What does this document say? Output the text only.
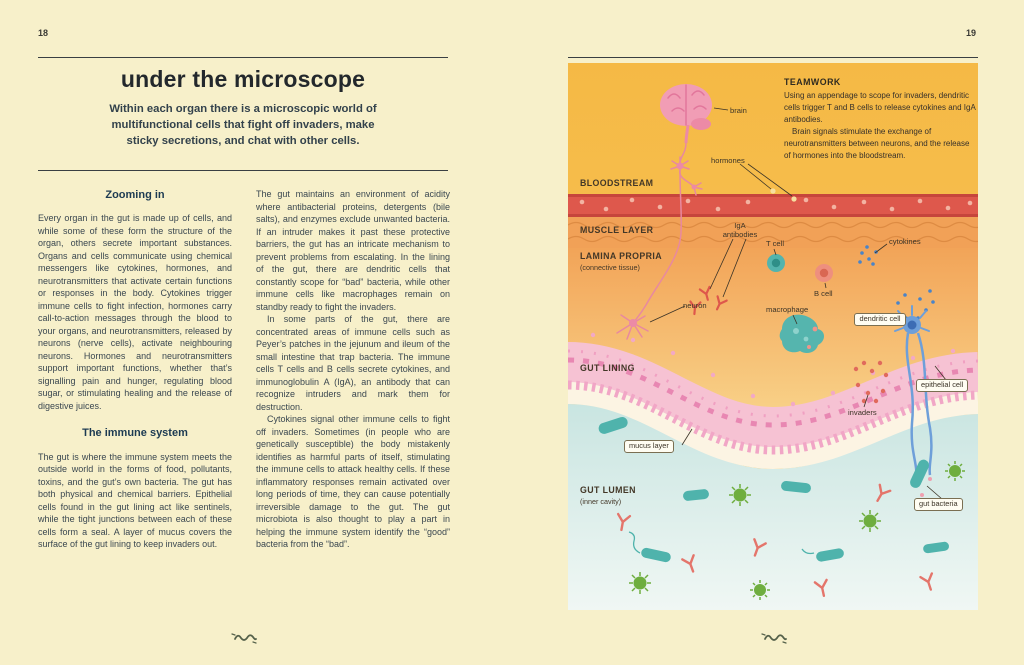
18
under the microscope
Within each organ there is a microscopic world of multifunctional cells that fight off invaders, make sticky secretions, and chat with other cells.
Zooming in

Every organ in the gut is made up of cells, and while some of these form the structure of the organ, others secrete important substances. Organs and cells communicate using chemical messengers like cytokines, hormones, and neurotransmitters that activate certain functions or responses in the body. Cytokines trigger immune cells to fight infection, hormones carry call-to-action messages through the blood to your organs, and neurotransmitters, released by neurons (nerve cells), activate neighbouring neurons. Hormones and neurotransmitters support important functions, whether that’s signalling pain and hunger, regulating blood sugar, or stimulating healing and the release of digestive juices.

The immune system

The gut is where the immune system meets the outside world in the forms of food, pollutants, toxins, and the gut’s own bacteria. The gut has both physical and chemical barriers. Epithelial cells found in the gut lining act like sentinels, while the tight junctions between each of these cells form a seal. A layer of mucus covers the surface of the gut lining to keep invaders out.

The gut maintains an environment of acidity where antibacterial proteins, detergents (bile salts), and enzymes exclude unwanted bacteria. If an intruder makes it past these protective barriers, the gut has an intricate mechanism to prevent problems from escalating. In the lining of the gut, there are dendritic cells that constantly scope for “bad” bacteria, while other immune cells like macrophages remain on standby ready to fight the invaders.

In some parts of the gut, there are concentrated areas of immune cells such as Peyer’s patches in the jejunum and ileum of the small intestine that trap bacteria. The immune cells T cells and B cells secrete cytokines, and immunoglobulin A (IgA), an antibody that can recognize intruders and mark them for destruction.

Cytokines signal other immune cells to fight off invaders. Sometimes (in people who are genetically susceptible) the body mistakenly identifies as harmful parts of itself, stimulating the immune cells to attack healthy cells. If these inflammatory responses remain activated over long periods of time, they can cause potentially irreversible damage to the gut. The gut microbiota is also thought to play a part in helping the immune system identify the “good” bacteria from the “bad”.

19
TEAMWORK

Using an appendage to scope for invaders, dendritic cells trigger T and B cells to release cytokines and IgA antibodies.

Brain signals stimulate the exchange of neurotransmitters between neurons, and the release of hormones into the bloodstream.

brain
hormones
BLOODSTREAM
MUSCLE LAYER
LAMINA PROPRIA
(connective tissue)
neuron
IgA antibodies
T cell
B cell
cytokines
macrophage
GUT LINING
invaders
GUT LUMEN
(inner cavity)
dendritic cell
epithelial cell
mucus layer
gut bacteria
